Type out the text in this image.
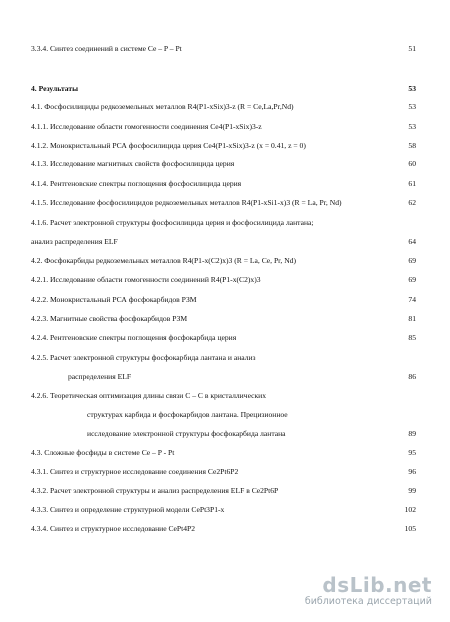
3.3.4. Синтез соединений в системе Ce – P – Pt	51
4. Результаты	53
4.1. Фосфосилициды редкоземельных металлов R4(P1-xSix)3-z (R = Ce,La,Pr,Nd)	53
4.1.1. Исследование области гомогенности соединения Ce4(P1-xSix)3-z	53
4.1.2. Монокристальный РСА фосфосилицида церия Ce4(P1-xSix)3-z (x = 0.41, z = 0)	58
4.1.3. Исследование магнитных свойств фосфосилицида церия	60
4.1.4. Рентгеновские спектры поглощения фосфосилицида церия	61
4.1.5. Исследование фосфосилицидов редкоземельных металлов R4(P1-xSi1-x)3 (R = La, Pr, Nd)	62
4.1.6. Расчет электронной структуры фосфосилицида церия и фосфосилицида лантана;
анализ распределения ELF	64
4.2. Фосфокарбиды редкоземельных металлов R4(P1-x(C2)x)3 (R = La, Ce, Pr, Nd)	69
4.2.1. Исследование области гомогенности соединений R4(P1-x(C2)x)3	69
4.2.2. Монокристальный РСА фосфокарбидов РЗМ	74
4.2.3. Магнитные свойства фосфокарбидов РЗМ	81
4.2.4. Рентгеновские спектры поглощения фосфокарбида церия	85
4.2.5. Расчет электронной структуры фосфокарбида лантана и анализ
распределения ELF	86
4.2.6. Теоретическая оптимизация длины связи C – C в кристаллических
структурах карбида и фосфокарбидов лантана. Прецизионное
исследование электронной структуры фосфокарбида лантана	89
4.3. Сложные фосфиды в системе Ce – P - Pt	95
4.3.1. Синтез и структурное исследование соединения Ce2Pt6P2	96
4.3.2. Расчет электронной структуры и анализ распределения ELF в Ce2Pt6P	99
4.3.3. Синтез и определение структурной модели CePt3P1-x	102
4.3.4. Синтез и структурное исследование CePt4P2	105
dsLib.net
библиотека диссертаций
